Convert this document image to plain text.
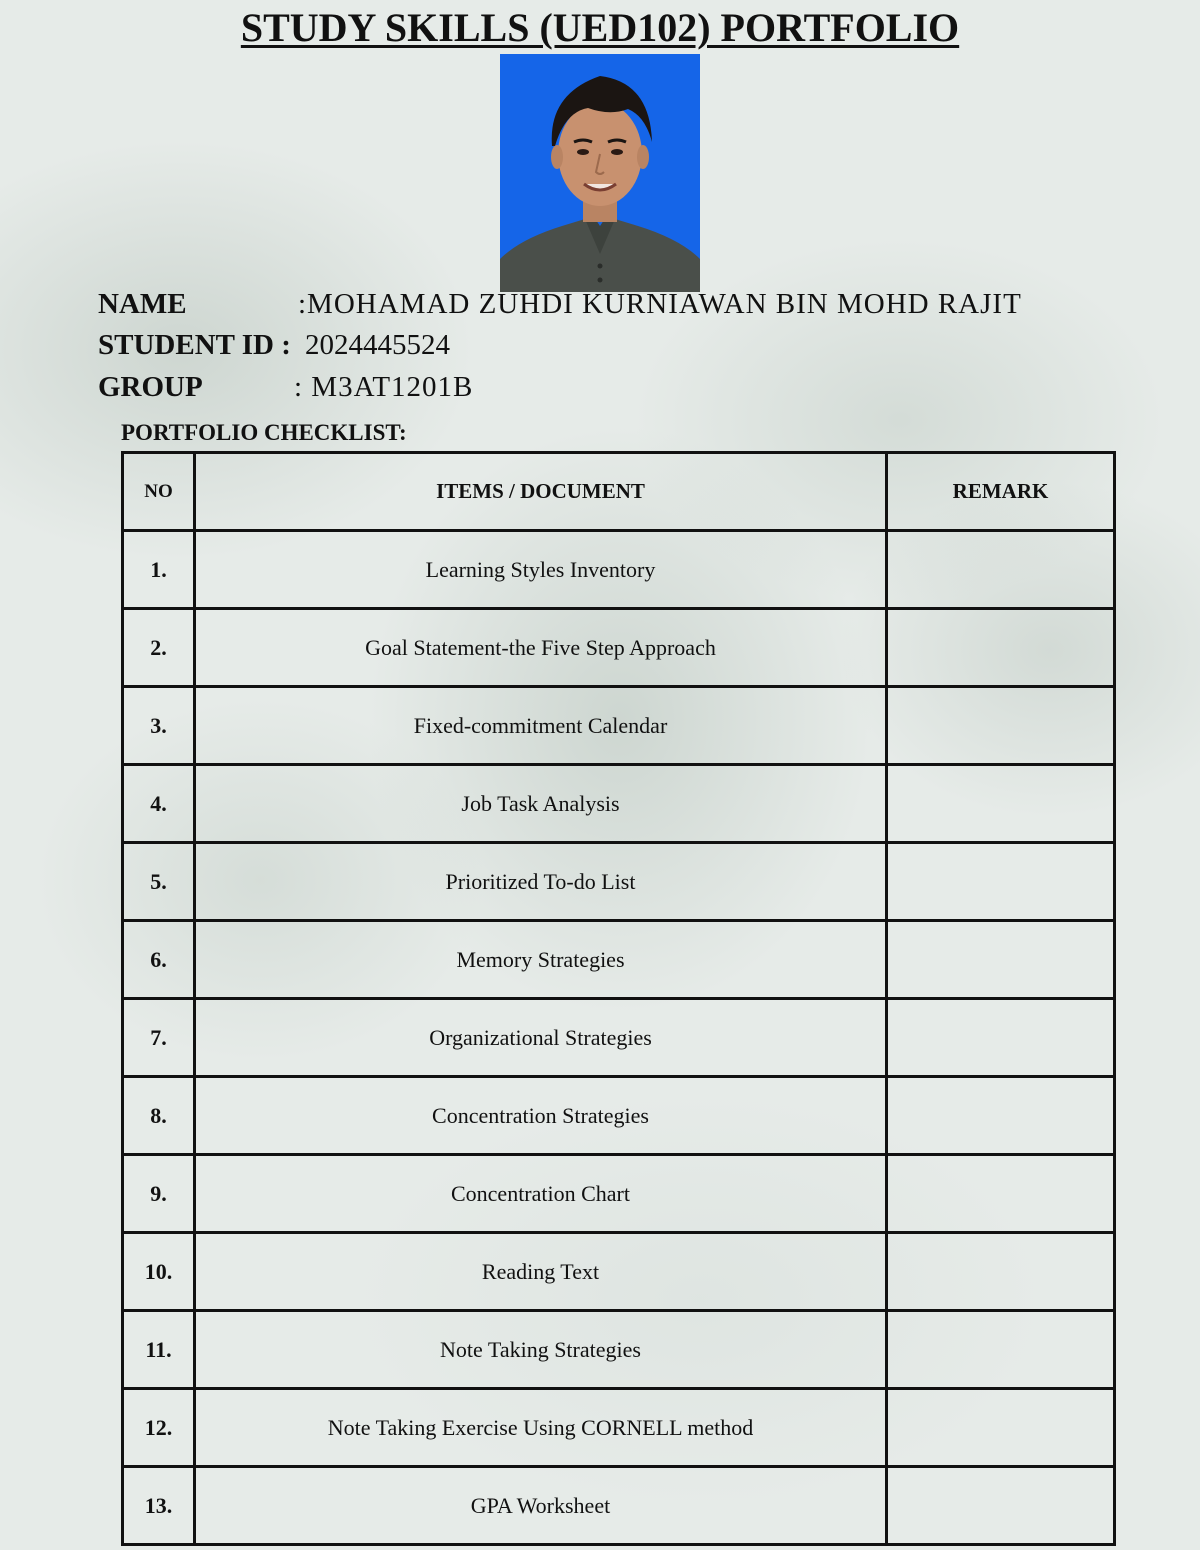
STUDY SKILLS (UED102) PORTFOLIO
NAME	:MOHAMAD ZUHDI KURNIAWAN BIN MOHD RAJIT
STUDENT ID : 2024445524
GROUP	: M3AT1201B
PORTFOLIO CHECKLIST:
NO	ITEMS / DOCUMENT	REMARK
1.	Learning Styles Inventory	
2.	Goal Statement-the Five Step Approach	
3.	Fixed-commitment Calendar	
4.	Job Task Analysis	
5.	Prioritized To-do List	
6.	Memory Strategies	
7.	Organizational Strategies	
8.	Concentration Strategies	
9.	Concentration Chart	
10.	Reading Text	
11.	Note Taking Strategies	
12.	Note Taking Exercise Using CORNELL method	
13.	GPA Worksheet	
